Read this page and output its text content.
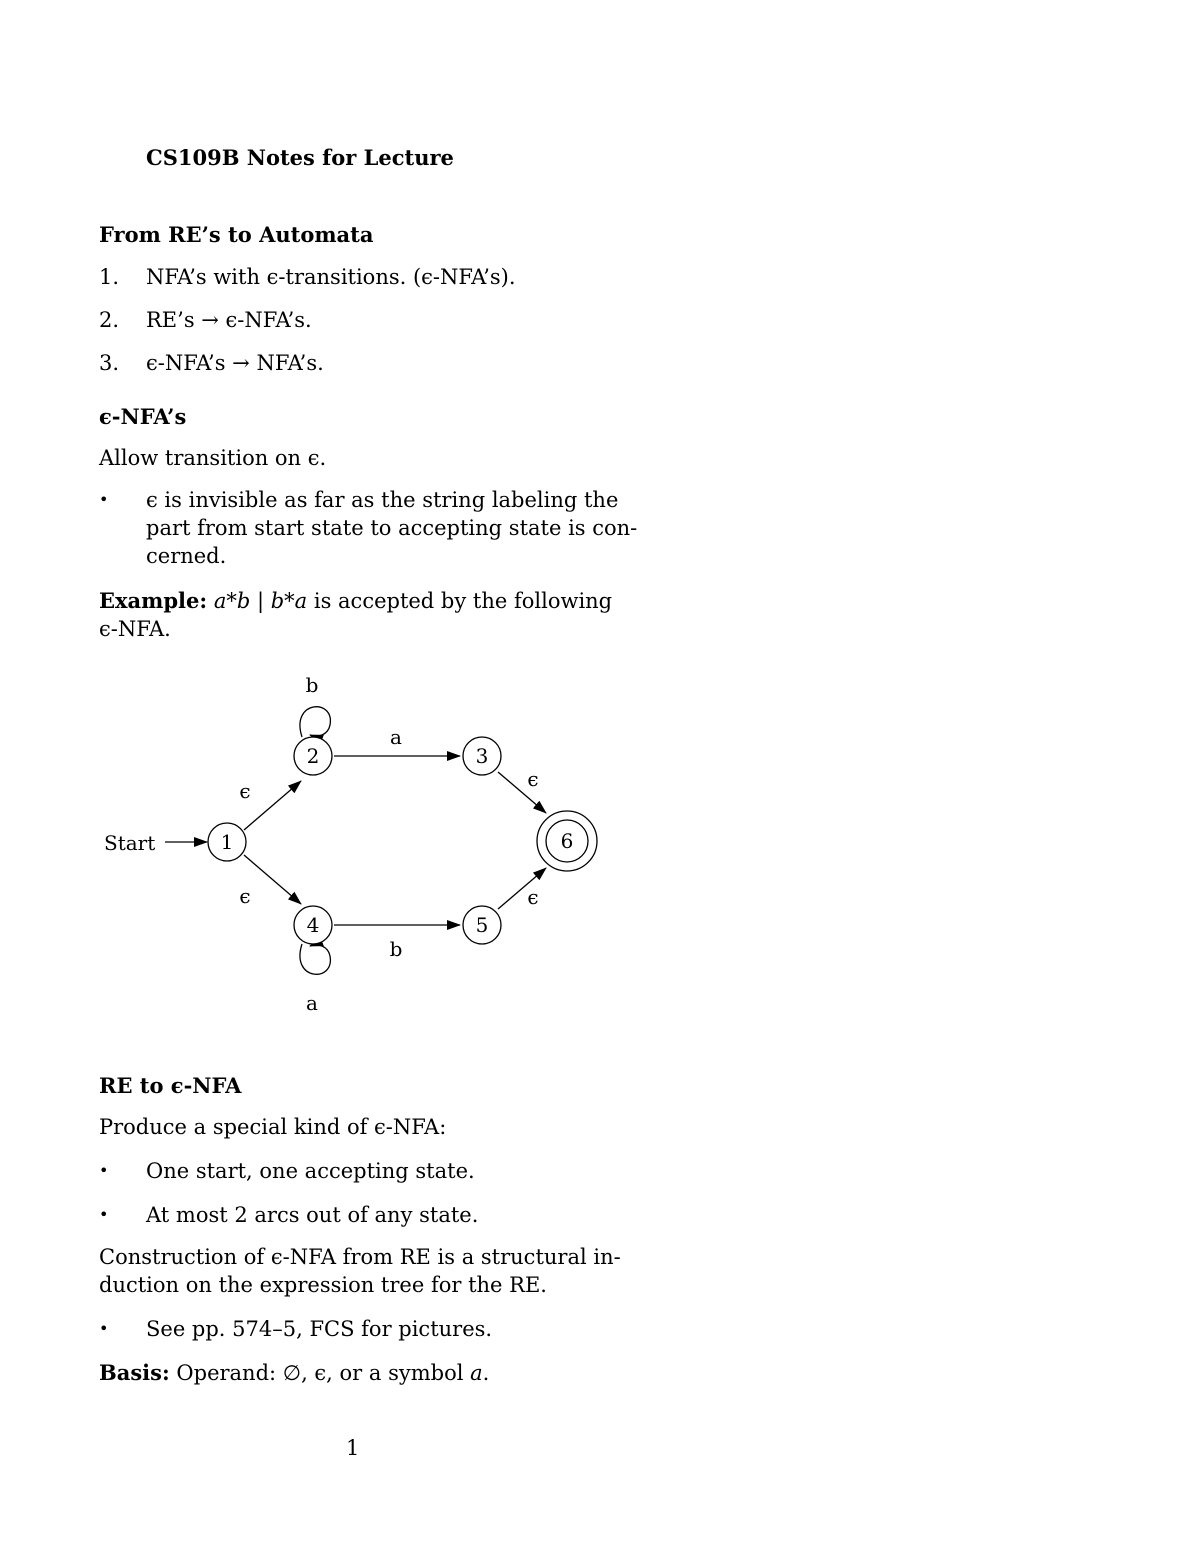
CS109B Notes for Lecture
From RE’s to Automata
1. NFA’s with ϵ-transitions. (ϵ-NFA’s).
2. RE’s → ϵ-NFA’s.
3. ϵ-NFA’s → NFA’s.
ϵ-NFA’s
Allow transition on ϵ.
• ϵ is invisible as far as the string labeling the
part from start state to accepting state is con-
cerned.
Example: a*b | b*a is accepted by the following
ϵ-NFA.
Start	1
2	3
4	5
6
ϵ
ϵ
b
a
a
b
ϵ
ϵ
RE to ϵ-NFA
Produce a special kind of ϵ-NFA:
• One start, one accepting state.
• At most 2 arcs out of any state.
Construction of ϵ-NFA from RE is a structural in-
duction on the expression tree for the RE.
• See pp. 574–5, FCS for pictures.
Basis: Operand: ∅, ϵ, or a symbol a.
1
